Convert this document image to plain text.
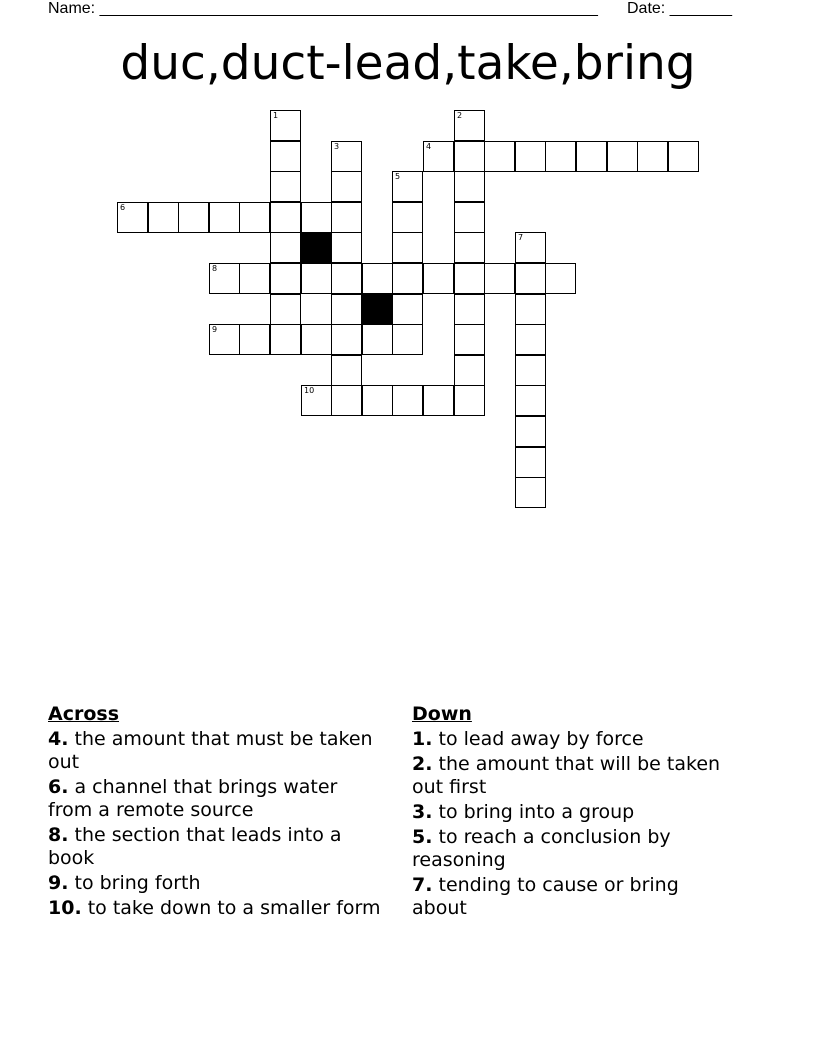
Name: ________________________________________________________ Date: _______
duc,duct-lead,take,bring
1	2
3	4
5
6
7
8
9
10
Across
4. the amount that must be taken out
6. a channel that brings water from a remote source
8. the section that leads into a book
9. to bring forth
10. to take down to a smaller form
Down
1. to lead away by force
2. the amount that will be taken out first
3. to bring into a group
5. to reach a conclusion by reasoning
7. tending to cause or bring about
